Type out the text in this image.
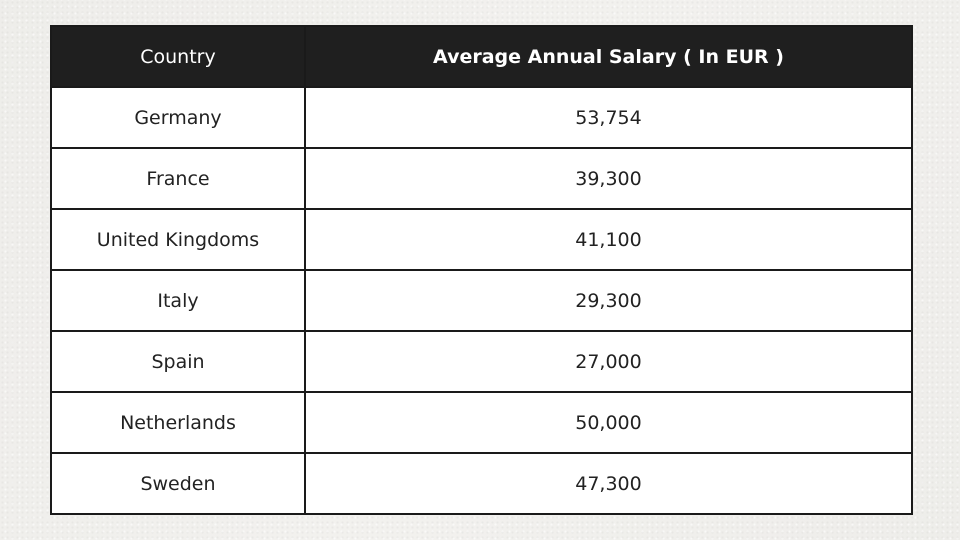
Country	Average Annual Salary ( In EUR )
Germany	53,754
France	39,300
United Kingdoms	41,100
Italy	29,300
Spain	27,000
Netherlands	50,000
Sweden	47,300
